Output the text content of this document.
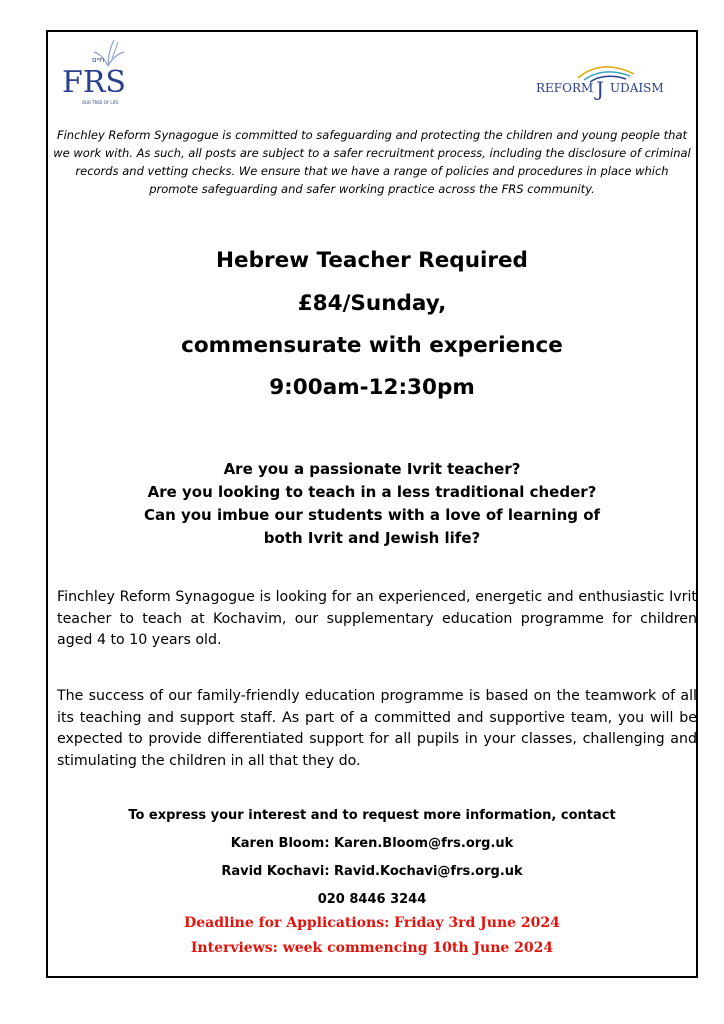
חיים
FRS
OUR TREE OF LIFE
REFORM J UDAISM
Finchley Reform Synagogue is committed to safeguarding and protecting the children and young people that we work with. As such, all posts are subject to a safer recruitment process, including the disclosure of criminal records and vetting checks. We ensure that we have a range of policies and procedures in place which promote safeguarding and safer working practice across the FRS community.
Hebrew Teacher Required
£84/Sunday,
commensurate with experience
9:00am-12:30pm
Are you a passionate Ivrit teacher?
Are you looking to teach in a less traditional cheder?
Can you imbue our students with a love of learning of
both Ivrit and Jewish life?
Finchley Reform Synagogue is looking for an experienced, energetic and enthusiastic Ivrit teacher to teach at Kochavim, our supplementary education programme for children aged 4 to 10 years old.
The success of our family-friendly education programme is based on the teamwork of all its teaching and support staff. As part of a committed and supportive team, you will be expected to provide differentiated support for all pupils in your classes, challenging and stimulating the children in all that they do.
To express your interest and to request more information, contact
Karen Bloom: Karen.Bloom@frs.org.uk
Ravid Kochavi: Ravid.Kochavi@frs.org.uk
020 8446 3244
Deadline for Applications: Friday 3rd June 2024
Interviews: week commencing 10th June 2024
